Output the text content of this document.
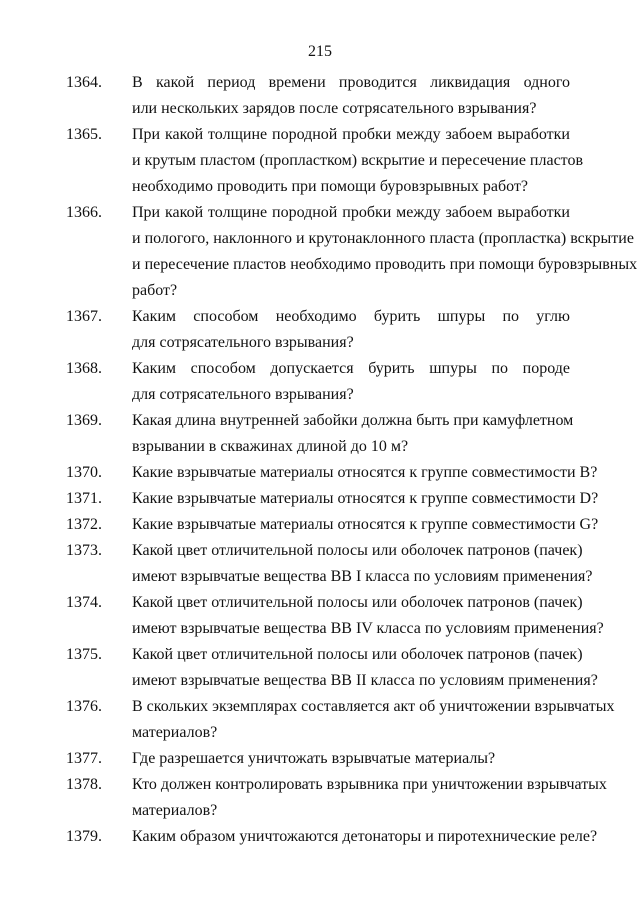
215
1364.	В какой период времени проводится ликвидация одного
или нескольких зарядов после сотрясательного взрывания?
1365.	При какой толщине породной пробки между забоем выработки
и крутым пластом (пропластком) вскрытие и пересечение пластов
необходимо проводить при помощи буровзрывных работ?
1366.	При какой толщине породной пробки между забоем выработки
и пологого, наклонного и крутонаклонного пласта (пропластка) вскрытие
и пересечение пластов необходимо проводить при помощи буровзрывных
работ?
1367.	Каким способом необходимо бурить шпуры по углю
для сотрясательного взрывания?
1368.	Каким способом допускается бурить шпуры по породе
для сотрясательного взрывания?
1369.	Какая длина внутренней забойки должна быть при камуфлетном
взрывании в скважинах длиной до 10 м?
1370.	Какие взрывчатые материалы относятся к группе совместимости В?
1371.	Какие взрывчатые материалы относятся к группе совместимости D?
1372.	Какие взрывчатые материалы относятся к группе совместимости G?
1373.	Какой цвет отличительной полосы или оболочек патронов (пачек)
имеют взрывчатые вещества ВВ I класса по условиям применения?
1374.	Какой цвет отличительной полосы или оболочек патронов (пачек)
имеют взрывчатые вещества ВВ IV класса по условиям применения?
1375.	Какой цвет отличительной полосы или оболочек патронов (пачек)
имеют взрывчатые вещества ВВ II класса по условиям применения?
1376.	В скольких экземплярах составляется акт об уничтожении взрывчатых
материалов?
1377.	Где разрешается уничтожать взрывчатые материалы?
1378.	Кто должен контролировать взрывника при уничтожении взрывчатых
материалов?
1379.	Каким образом уничтожаются детонаторы и пиротехнические реле?
